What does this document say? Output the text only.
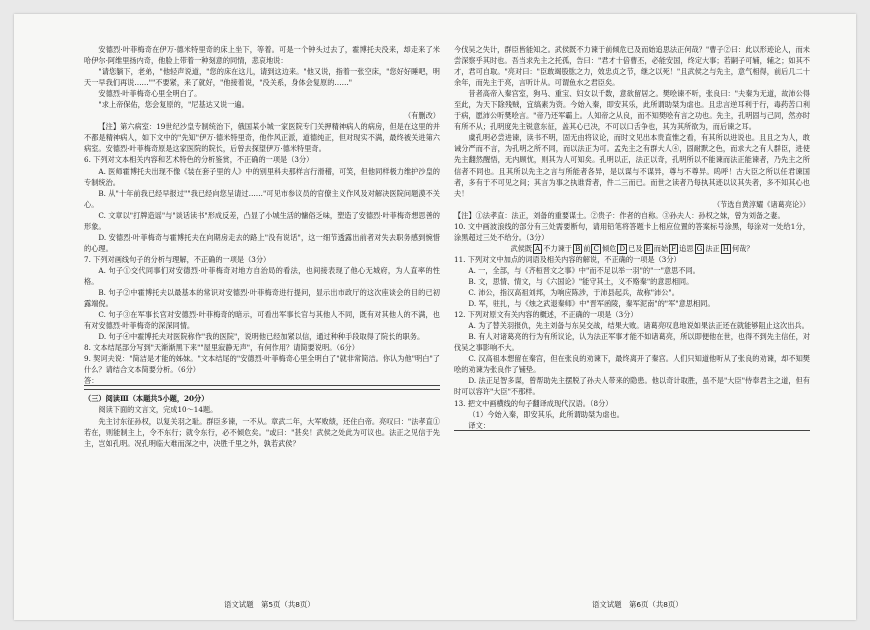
安德烈·叶菲梅奇在伊万·德米特里奇的床上坐下，等着。可是一个钟头过去了，霍博托夫没来，却走来了米哈伊尔·阿维里扬内奇，他脸上带着一种刻意的同情，悲哀地说：

"请您躺下，老弟，"他轻声说道，"您的床在这儿，请到这边来。"他又说，指着一张空床，"您好好睡吧，明天一早我们再说……""不要紧，来了就好，"他接着说，"没关系，身体会复原的……"

安德烈·叶菲梅奇心里全明白了。

"求上帝保佑，您会复原的，"尼基达又说一遍。

（有删改）

【注】第六病室：19世纪沙皇专制统治下，俄国某小城一家医院专门关押精神病人的病房，但是在这里的并不都是精神病人，如下文中的"先知"伊万·德米特里奇，他作风正派，道德纯正，但对现实不满，最终被关进第六病室。安德烈·叶菲梅奇原是这家医院的院长，后曾去探望伊万·德米特里奇。

6. 下列对文本相关内容和艺术特色的分析鉴赏，不正确的一项是（3分）

A. 医师霍博托夫出现不像《装在套子里的人》中的别里科夫那样言行滑稽，可笑，但他同样极力维护沙皇的专制统治。

B. 从"十年前我已经早报过""我已经向您呈请过……"可见市参议员的官僚主义作风及对解决医院问题漠不关心。

C. 文章以"打牌造谣"与"谈话读书"形成反差，凸显了小城生活的慵俗乏味，塑造了安德烈·叶菲梅奇想思善的形象。

D. 安德烈·叶菲梅奇与霍博托夫在向期房走去的路上"没有说话"，这一细节透露出前者对失去职务感到惋惜的心理。

7. 下列对画线句子的分析与理解，不正确的一项是（3分）

A. 句子①交代同事们对安德烈·叶菲梅奇对地方自治局的看法，也间接表现了他心无城府，为人直率的性格。

B. 句子②中霍博托夫以最基本的常识对安德烈·叶菲梅奇进行提问，显示出市政厅的这次座谈会的目的已初露端倪。

C. 句子③在军事长官对安德烈·叶菲梅奇的暗示，可看出军事长官与其他人不同，既有对其他人的不满，也有对安德烈·叶菲梅奇的深深同情。

D. 句子④中霍博托夫对医院称作"我的医院"，说明他已经加紧以信，通过种种手段取得了院长的职务。

8. 文本结尾部分写到"天渐渐黑下来""屋里寂静无声"，有何作用？请简要说明。（6分）

9. 契诃夫说："简洁是才能的姊妹。"文本结尾的"安德烈·叶菲梅奇心里全明白了"就非常简洁。你认为他"明白"了什么？请结合文本简要分析。（6分）

答：

（三）阅读Ⅲ（本题共5小题，20分）

阅读下面的文言文，完成10～14题。

先主讨东征孙权，以复关羽之耻。群臣多谏，一不从。章武二年，大军败绩，还住白帝。亮叹曰："法孝直①若在，则能制主上，令不东行；就令东行，必不倾危矣。"或曰："甚矣！武侯之处此为可议也。法正之见信于先主，岂如孔明。况孔明临大难而深之中，决胜千里之外，孰若武侯？

今伐吴之失计，群臣皆能知之。武侯既不力谏于前倾危已及而始追思法正何哉？"曹子②曰：此以形迹论人，而未尝深察乎其时也。吾当求先主之托孤，告曰："君才十倍曹丕，必能安国，终定大事；若嗣子可辅，辅之；如其不才，君可自取。"亮对曰："臣敢竭股肱之力，效忠贞之节，继之以死！"且武侯之与先主，意气相得，前后几二十余年，而先主于亮，言听计从。可谓鱼水之君臣矣。

昔者高帝入秦宫室，狗马、重宝、妇女以千数，意欲留居之。樊哙谏不听，张良曰："夫秦为无道，故沛公得至此，为天下除残贼，宜缟素为资。今始入秦，即安其乐，此所谓助桀为虐也。且忠言逆耳利于行，毒药苦口利于病，愿沛公听樊哙言。"帝乃还军霸上。人知帝之从良，而不知樊哙有言之功也。先主，孔明固与己同，然亦时有所不从；孔明度先主锐意东征，盖其心已决，不可以口舌争也，其为其所欲为，而后谏之耳。

虞孔明必尝进谏，读书不明，固无由将议论，而时文见出本贵直惟之看，有其所以进说也。且且之为人，敢诫分严而不言，为孔明之所不同，而以法正为可。孟先主之有群大人④，固耐默之色，而求大之有人群臣，进使先主翻然醒悟，无内顾忧，则其为人可知矣。孔明以正，法正以奇，孔明所以不能谏而法正能谏者，乃先主之所信者不同也。且其所以先主之言与所能者各异，是以谋与不谋异，尊与不尊异。呜呼！古大臣之所以任君谏国者，多有于不可见之间；其言为事之执谁背者，件二三而已。而世之读者乃每执其迹以议其失者，多不知其心也夫！

（节选自黄淳耀《诸葛亮论》）

【注】①法孝直：法正，刘备的重要谋士。②贵子：作者的自称。③孙夫人：孙权之妹，曾为刘备之妻。

10. 文中画波浪线的部分有三处需要断句，请用铅笔将答题卡上相应位置的答案标号涂黑，每涂对一处给1分，涂黑超过三处不给分。（3分）

武侯既 A 不力谏于 B 前 C 倾危 D 已及 E 而始 F 追思 G 法正 H 何哉？

11. 下列对文中加点的词语及相关内容的解说，不正确的一项是（3分）

A. 一，全部，与《齐桓晋文之事》中"而不足以举一羽"的"一"意思不同。

B. 文，思情、情文，与《六国论》"能守其土，义不赂秦"的意思相同。

C. 沛公，指汉高祖刘邦，为响应陈涉，于沛县起兵，故称"沛公"。

D. 军，驻扎，与《烛之武退秦师》中"晋军函陵，秦军泥南"的"军"意思相同。

12. 下列对原文有关内容的概述，不正确的一项是（3分）

A. 为了替关羽报仇，先主刘备与东吴交战，结果大败。诸葛亮叹息地说如果法正还在就能够阻止这次出兵。

B. 有人对诸葛亮的行为有所议论，认为法正军事才能不如诸葛亮，所以即便他在世，也得不到先主信任，对伐吴之事影响不大。

C. 汉高祖本想留在秦宫，但在张良的劝谏下，最终离开了秦宫。人们只知道他听从了张良的劝谏，却不知樊哙的劝谏为张良作了铺垫。

D. 法正足智多谋，曾帮助先主摆脱了孙夫人带来的隐患。他以奇计取胜，虽不是"大臣"侍奉君主之道，但有时可以容许"大臣"不那样。

13. 把文中画横线的句子翻译成现代汉语。（8分）

（1）今始入秦，即安其乐，此所谓助桀为虐也。

译文：

语文试题　第5页（共8页）	语文试题　第6页（共8页）
